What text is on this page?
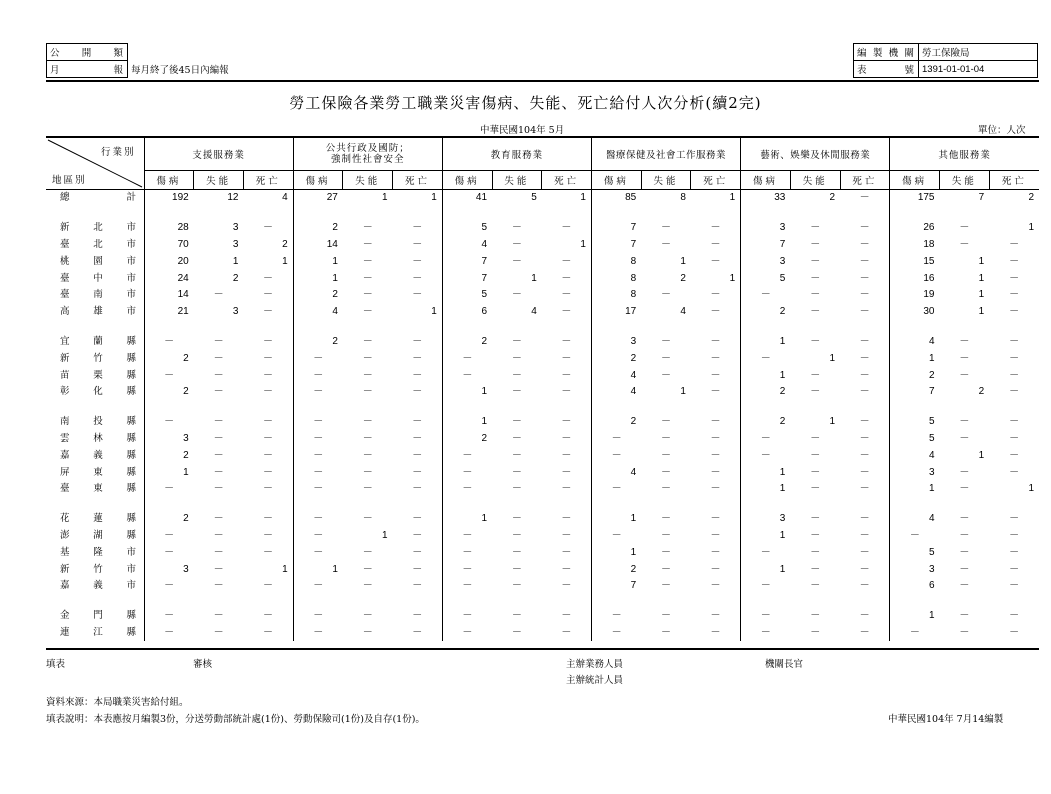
公開類	
月報	每月終了後45日內編報
編製機關	勞工保險局
表號	1391-01-01-04
勞工保險各業勞工職業災害傷病、失能、死亡給付人次分析(續2完)
中華民國104年 5月	單位：人次
行業別
地區別	支援服務業			公共行政及國防；
強制性社會安全			教育服務業			醫療保健及社會工作服務業			藝術、娛樂及休閒服務業			其他服務業		
	傷病	失能	死亡	傷病	失能	死亡	傷病	失能	死亡	傷病	失能	死亡	傷病	失能	死亡	傷病	失能	死亡
總計	192	12	4	27	1	1	41	5	1	85	8	1	33	2	－	175	7	2

新北市	28	3	－	2	－	－	5	－	－	7	－	－	3	－	－	26	－	1
臺北市	70	3	2	14	－	－	4	－	1	7	－	－	7	－	－	18	－	－
桃園市	20	1	1	1	－	－	7	－	－	8	1	－	3	－	－	15	1	－
臺中市	24	2	－	1	－	－	7	1	－	8	2	1	5	－	－	16	1	－
臺南市	14	－	－	2	－	－	5	－	－	8	－	－	－	－	－	19	1	－
高雄市	21	3	－	4	－	1	6	4	－	17	4	－	2	－	－	30	1	－

宜蘭縣	－	－	－	2	－	－	2	－	－	3	－	－	1	－	－	4	－	－
新竹縣	2	－	－	－	－	－	－	－	－	2	－	－	－	1	－	1	－	－
苗栗縣	－	－	－	－	－	－	－	－	－	4	－	－	1	－	－	2	－	－
彰化縣	2	－	－	－	－	－	1	－	－	4	1	－	2	－	－	7	2	－

南投縣	－	－	－	－	－	－	1	－	－	2	－	－	2	1	－	5	－	－
雲林縣	3	－	－	－	－	－	2	－	－	－	－	－	－	－	－	5	－	－
嘉義縣	2	－	－	－	－	－	－	－	－	－	－	－	－	－	－	4	1	－
屏東縣	1	－	－	－	－	－	－	－	－	4	－	－	1	－	－	3	－	－
臺東縣	－	－	－	－	－	－	－	－	－	－	－	－	1	－	－	1	－	1

花蓮縣	2	－	－	－	－	－	1	－	－	1	－	－	3	－	－	4	－	－
澎湖縣	－	－	－	－	1	－	－	－	－	－	－	－	1	－	－	－	－	－
基隆市	－	－	－	－	－	－	－	－	－	1	－	－	－	－	－	5	－	－
新竹市	3	－	1	1	－	－	－	－	－	2	－	－	1	－	－	3	－	－
嘉義市	－	－	－	－	－	－	－	－	－	7	－	－	－	－	－	6	－	－

金門縣	－	－	－	－	－	－	－	－	－	－	－	－	－	－	－	1	－	－
連江縣	－	－	－	－	－	－	－	－	－	－	－	－	－	－	－	－	－	－
填表	審核	主辦業務人員
主辦統計人員
機關長官
資料來源：本局職業災害給付組。
填表說明：本表應按月編製3份，分送勞動部統計處(1份)、勞動保險司(1份)及自存(1份)。	中華民國104年 7月14編製
